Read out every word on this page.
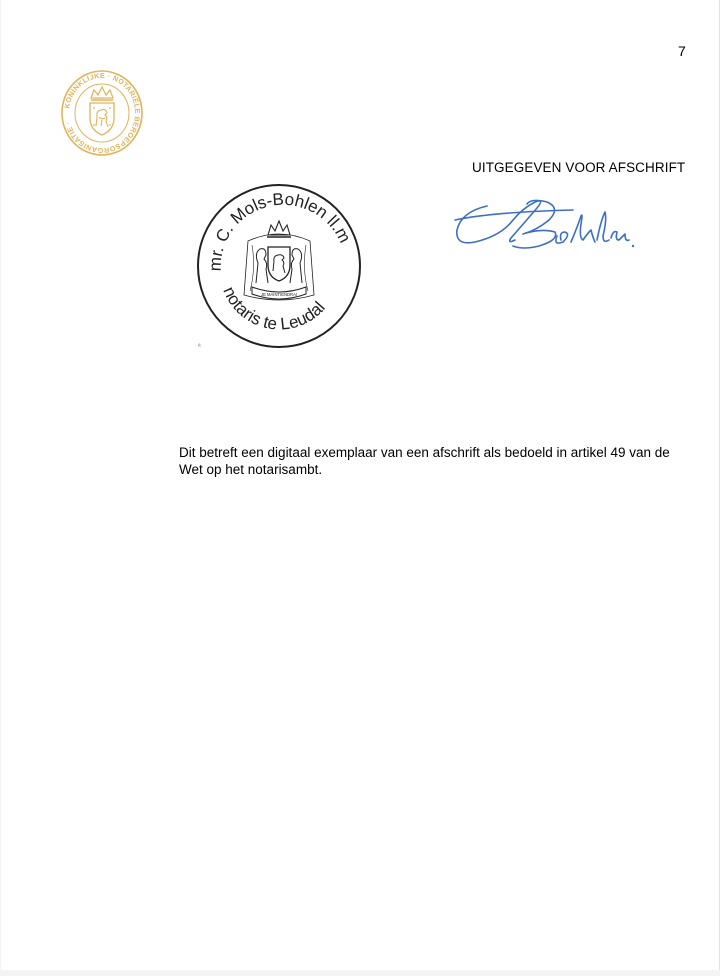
7
KONINKLIJKE · NOTARIËLE BEROEPSORGANISATIE ·
UITGEGEVEN VOOR AFSCHRIFT
mr. C. Mols-Bohlen ll.m
notaris te Leudal
JE MAINTIENDRAI
ª
Dit betreft een digitaal exemplaar van een afschrift als bedoeld in artikel 49 van de Wet op het notarisambt.
